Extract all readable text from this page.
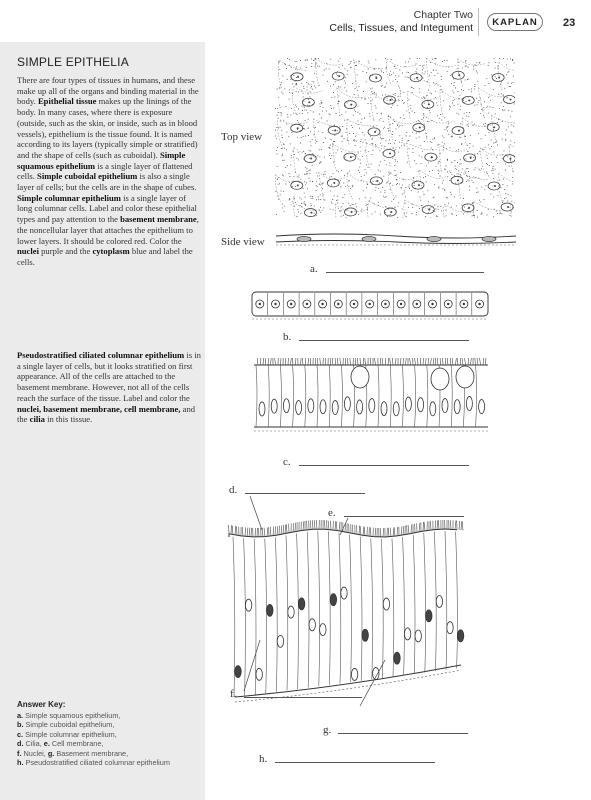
Chapter Two
Cells, Tissues, and Integument	KAPLAN	23
SIMPLE EPITHELIA
There are four types of tissues in humans, and these make up all of the organs and binding material in the body. Epithelial tissue makes up the linings of the body. In many cases, where there is exposure (outside, such as the skin, or inside, such as in blood vessels), epithelium is the tissue found. It is named according to its layers (typically simple or stratified) and the shape of cells (such as cuboidal). Simple squamous epithelium is a single layer of flattened cells. Simple cuboidal epithelium is also a single layer of cells; but the cells are in the shape of cubes. Simple columnar epithelium is a single layer of long columnar cells. Label and color these epithelial types and pay attention to the basement membrane, the noncellular layer that attaches the epithelium to lower layers. It should be colored red. Color the nuclei purple and the cytoplasm blue and label the cells.
Pseudostratified ciliated columnar epithelium is in a single layer of cells, but it looks stratified on first appearance. All of the cells are attached to the basement membrane. However, not all of the cells reach the surface of the tissue. Label and color the nuclei, basement membrane, cell membrane, and the cilia in this tissue.
Answer Key:
a. Simple squamous epithelium,
b. Simple cuboidal epithelium,
c. Simple columnar epithelium,
d. Cilia, e. Cell membrane,
f. Nuclei, g. Basement membrane,
h. Pseudostratified ciliated columnar epithelium
Top view
Side view
a.
b.
c.
d.
e.
f.
g.
h.
